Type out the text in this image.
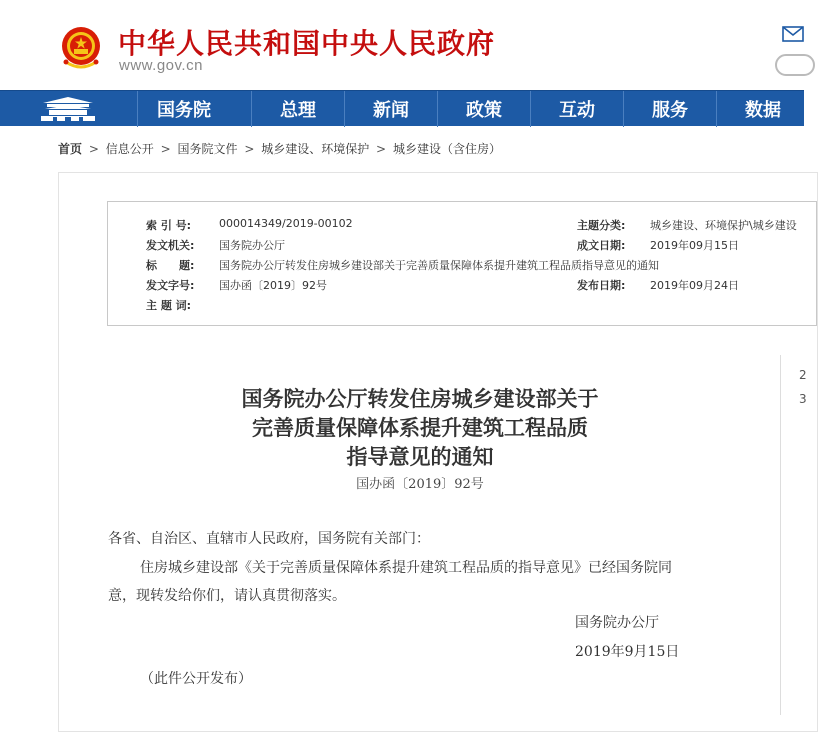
中华人民共和国中央人民政府
www.gov.cn
国务院	总理	新闻	政策	互动	服务	数据
首页 > 信息公开 > 国务院文件 > 城乡建设、环境保护 > 城乡建设（含住房）
索 引 号:	000014349/2019-00102
发文机关: 国务院办公厅
标　　题: 国务院办公厅转发住房城乡建设部关于完善质量保障体系提升建筑工程品质指导意见的通知
发文字号: 国办函〔2019〕92号
主 题 词:
主题分类: 城乡建设、环境保护\城乡建设
成文日期: 2019年09月15日
发布日期: 2019年09月24日
2
3
国务院办公厅转发住房城乡建设部关于
完善质量保障体系提升建筑工程品质
指导意见的通知
国办函〔2019〕92号
各省、自治区、直辖市人民政府，国务院有关部门：
住房城乡建设部《关于完善质量保障体系提升建筑工程品质的指导意见》已经国务院同
意，现转发给你们，请认真贯彻落实。
国务院办公厅
2019年9月15日
（此件公开发布）
